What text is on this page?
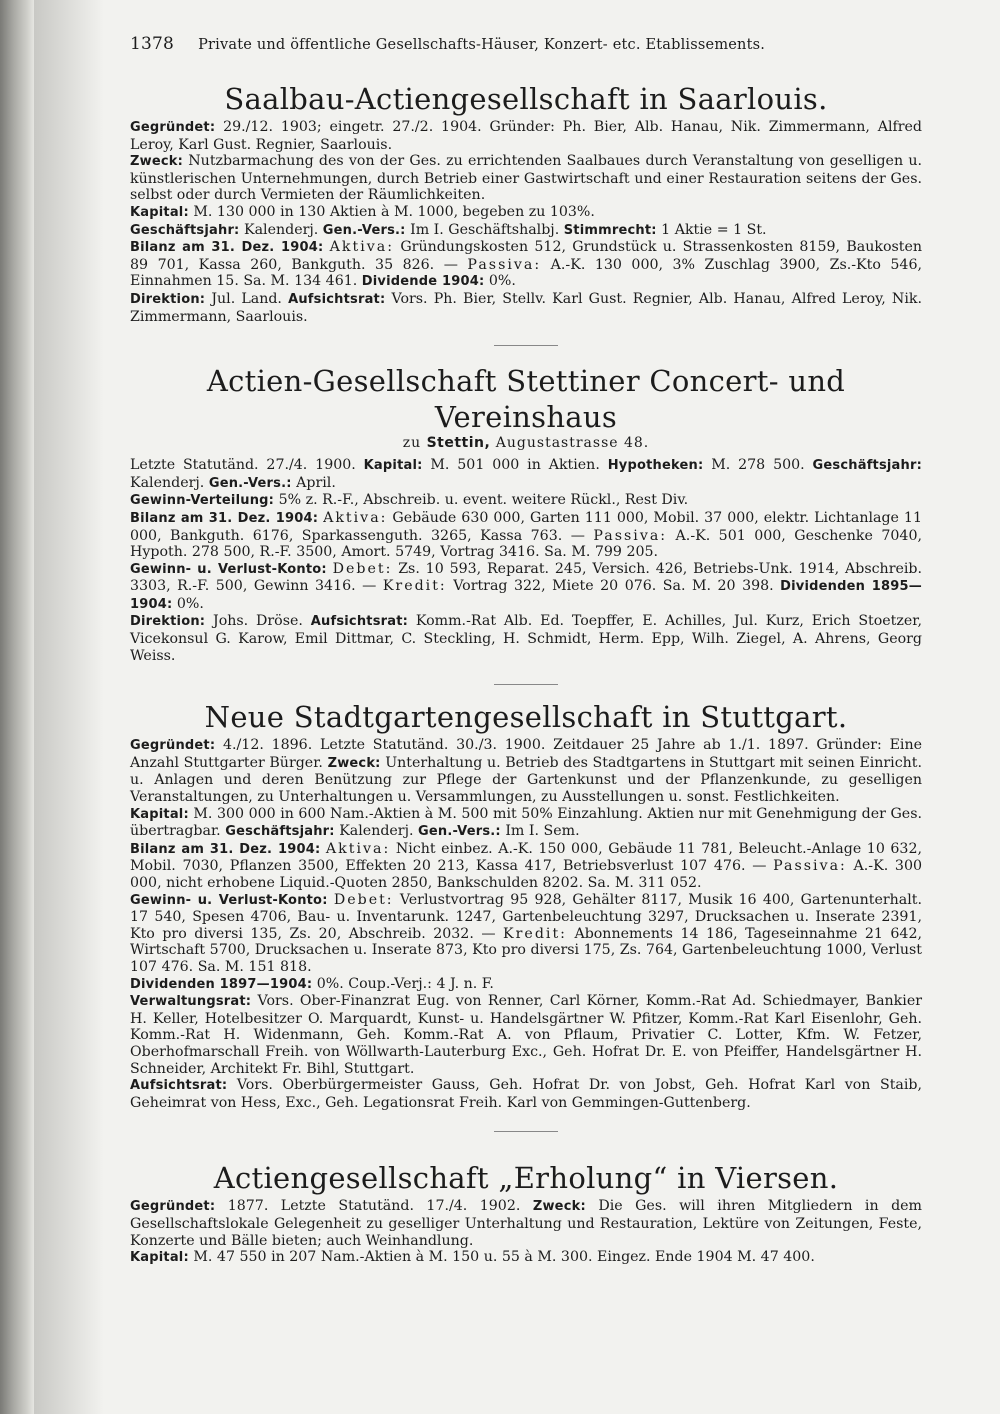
1378 Private und öffentliche Gesellschafts-Häuser, Konzert- etc. Etablissements.
Saalbau-Actiengesellschaft in Saarlouis.

Gegründet: 29./12. 1903; eingetr. 27./2. 1904. Gründer: Ph. Bier, Alb. Hanau, Nik. Zimmermann, Alfred Leroy, Karl Gust. Regnier, Saarlouis.

Zweck: Nutzbarmachung des von der Ges. zu errichtenden Saalbaues durch Veranstaltung von geselligen u. künstlerischen Unternehmungen, durch Betrieb einer Gastwirtschaft und einer Restauration seitens der Ges. selbst oder durch Vermieten der Räumlichkeiten.

Kapital: M. 130 000 in 130 Aktien à M. 1000, begeben zu 103%.

Geschäftsjahr: Kalenderj. Gen.-Vers.: Im I. Geschäftshalbj. Stimmrecht: 1 Aktie = 1 St.

Bilanz am 31. Dez. 1904: Aktiva: Gründungskosten 512, Grundstück u. Strassenkosten 8159, Baukosten 89 701, Kassa 260, Bankguth. 35 826. — Passiva: A.-K. 130 000, 3% Zuschlag 3900, Zs.-Kto 546, Einnahmen 15. Sa. M. 134 461. Dividende 1904: 0%.

Direktion: Jul. Land. Aufsichtsrat: Vors. Ph. Bier, Stellv. Karl Gust. Regnier, Alb. Hanau, Alfred Leroy, Nik. Zimmermann, Saarlouis.

Actien-Gesellschaft Stettiner Concert- und Vereinshaus
zu Stettin, Augustastrasse 48.

Letzte Statutänd. 27./4. 1900. Kapital: M. 501 000 in Aktien. Hypotheken: M. 278 500. Geschäftsjahr: Kalenderj. Gen.-Vers.: April.

Gewinn-Verteilung: 5% z. R.-F., Abschreib. u. event. weitere Rückl., Rest Div.

Bilanz am 31. Dez. 1904: Aktiva: Gebäude 630 000, Garten 111 000, Mobil. 37 000, elektr. Lichtanlage 11 000, Bankguth. 6176, Sparkassenguth. 3265, Kassa 763. — Passiva: A.-K. 501 000, Geschenke 7040, Hypoth. 278 500, R.-F. 3500, Amort. 5749, Vortrag 3416. Sa. M. 799 205.

Gewinn- u. Verlust-Konto: Debet: Zs. 10 593, Reparat. 245, Versich. 426, Betriebs-Unk. 1914, Abschreib. 3303, R.-F. 500, Gewinn 3416. — Kredit: Vortrag 322, Miete 20 076. Sa. M. 20 398. Dividenden 1895—1904: 0%.

Direktion: Johs. Dröse. Aufsichtsrat: Komm.-Rat Alb. Ed. Toepffer, E. Achilles, Jul. Kurz, Erich Stoetzer, Vicekonsul G. Karow, Emil Dittmar, C. Steckling, H. Schmidt, Herm. Epp, Wilh. Ziegel, A. Ahrens, Georg Weiss.

Neue Stadtgartengesellschaft in Stuttgart.

Gegründet: 4./12. 1896. Letzte Statutänd. 30./3. 1900. Zeitdauer 25 Jahre ab 1./1. 1897. Gründer: Eine Anzahl Stuttgarter Bürger. Zweck: Unterhaltung u. Betrieb des Stadtgartens in Stuttgart mit seinen Einricht. u. Anlagen und deren Benützung zur Pflege der Gartenkunst und der Pflanzenkunde, zu geselligen Veranstaltungen, zu Unterhaltungen u. Versammlungen, zu Ausstellungen u. sonst. Festlichkeiten.

Kapital: M. 300 000 in 600 Nam.-Aktien à M. 500 mit 50% Einzahlung. Aktien nur mit Genehmigung der Ges. übertragbar. Geschäftsjahr: Kalenderj. Gen.-Vers.: Im I. Sem.

Bilanz am 31. Dez. 1904: Aktiva: Nicht einbez. A.-K. 150 000, Gebäude 11 781, Beleucht.-Anlage 10 632, Mobil. 7030, Pflanzen 3500, Effekten 20 213, Kassa 417, Betriebsverlust 107 476. — Passiva: A.-K. 300 000, nicht erhobene Liquid.-Quoten 2850, Bankschulden 8202. Sa. M. 311 052.

Gewinn- u. Verlust-Konto: Debet: Verlustvortrag 95 928, Gehälter 8117, Musik 16 400, Gartenunterhalt. 17 540, Spesen 4706, Bau- u. Inventarunk. 1247, Gartenbeleuchtung 3297, Drucksachen u. Inserate 2391, Kto pro diversi 135, Zs. 20, Abschreib. 2032. — Kredit: Abonnements 14 186, Tageseinnahme 21 642, Wirtschaft 5700, Drucksachen u. Inserate 873, Kto pro diversi 175, Zs. 764, Gartenbeleuchtung 1000, Verlust 107 476. Sa. M. 151 818.

Dividenden 1897—1904: 0%. Coup.-Verj.: 4 J. n. F.

Verwaltungsrat: Vors. Ober-Finanzrat Eug. von Renner, Carl Körner, Komm.-Rat Ad. Schiedmayer, Bankier H. Keller, Hotelbesitzer O. Marquardt, Kunst- u. Handelsgärtner W. Pfitzer, Komm.-Rat Karl Eisenlohr, Geh. Komm.-Rat H. Widenmann, Geh. Komm.-Rat A. von Pflaum, Privatier C. Lotter, Kfm. W. Fetzer, Oberhofmarschall Freih. von Wöllwarth-Lauterburg Exc., Geh. Hofrat Dr. E. von Pfeiffer, Handelsgärtner H. Schneider, Architekt Fr. Bihl, Stuttgart.

Aufsichtsrat: Vors. Oberbürgermeister Gauss, Geh. Hofrat Dr. von Jobst, Geh. Hofrat Karl von Staib, Geheimrat von Hess, Exc., Geh. Legationsrat Freih. Karl von Gemmingen-Guttenberg.

Actiengesellschaft „Erholung“ in Viersen.

Gegründet: 1877. Letzte Statutänd. 17./4. 1902. Zweck: Die Ges. will ihren Mitgliedern in dem Gesellschaftslokale Gelegenheit zu geselliger Unterhaltung und Restauration, Lektüre von Zeitungen, Feste, Konzerte und Bälle bieten; auch Weinhandlung.

Kapital: M. 47 550 in 207 Nam.-Aktien à M. 150 u. 55 à M. 300. Eingez. Ende 1904 M. 47 400.
